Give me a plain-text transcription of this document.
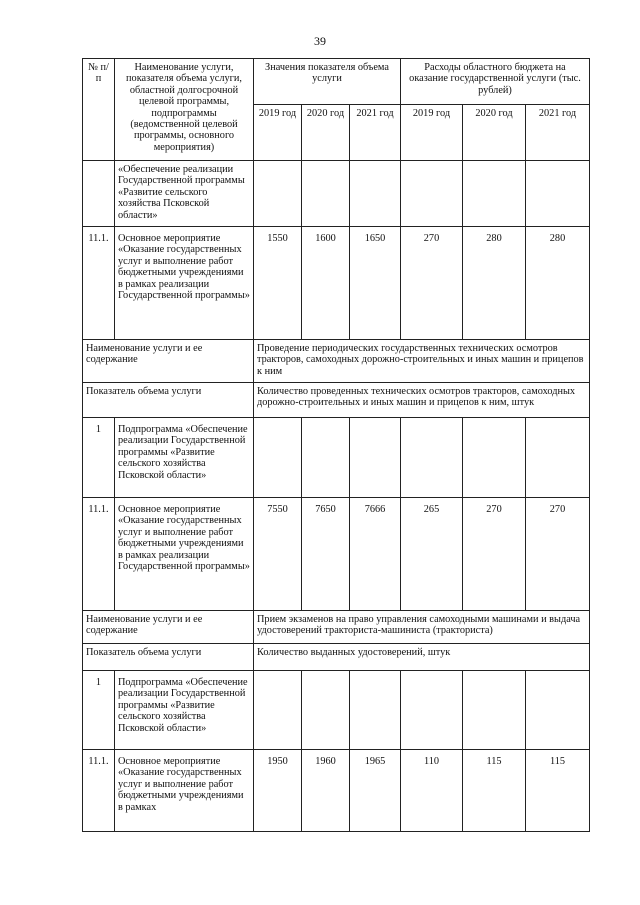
39
№ п/п	Наименование услуги, показателя объема услуги, областной долгосрочной целевой программы, подпрограммы (ведомственной целевой программы, основного мероприятия)	Значения показателя объема услуги			Расходы областного бюджета на оказание государственной услуги (тыс. рублей)		
		2019 год	2020 год	2021 год	2019 год	2020 год	2021 год
	«Обеспечение реализации Государственной программы «Развитие сельского хозяйства Псковской области»						
11.1.	Основное мероприятие «Оказание государственных услуг и выполнение работ бюджетными учреждениями в рамках реализации Государственной программы»	1550	1600	1650	270	280	280
Наименование услуги и ее содержание		Проведение периодических государственных технических осмотров тракторов, самоходных дорожно-строительных и иных машин и прицепов к ним					
Показатель объема услуги		Количество проведенных технических осмотров тракторов, самоходных дорожно-строительных и иных машин и прицепов к ним, штук					
1	Подпрограмма «Обеспечение реализации Государственной программы «Развитие сельского хозяйства Псковской области»						
11.1.	Основное мероприятие «Оказание государственных услуг и выполнение работ бюджетными учреждениями в рамках реализации Государственной программы»	7550	7650	7666	265	270	270
Наименование услуги и ее содержание		Прием экзаменов на право управления самоходными машинами и выдача удостоверений тракториста-машиниста (тракториста)					
Показатель объема услуги		Количество выданных удостоверений, штук					
1	Подпрограмма «Обеспечение реализации Государственной программы «Развитие сельского хозяйства Псковской области»						
11.1.	Основное мероприятие «Оказание государственных услуг и выполнение работ бюджетными учреждениями в рамках	1950	1960	1965	110	115	115
